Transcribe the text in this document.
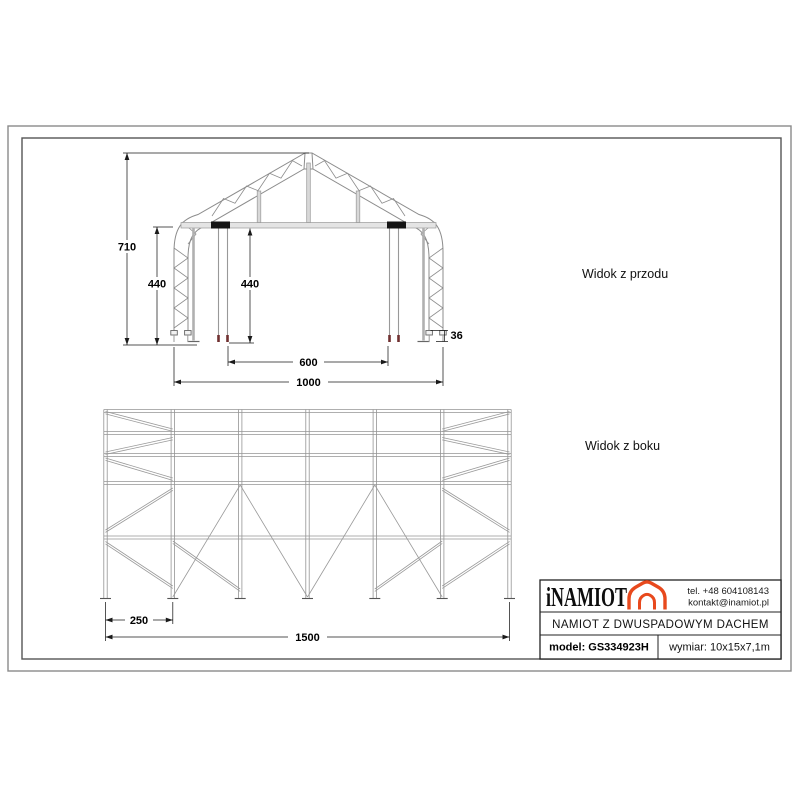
710
440	440
36
600
1000
Widok z przodu
250
1500
Widok z boku
iNAMIOT	tel. +48 604108143
kontakt@inamiot.pl
NAMIOT Z DWUSPADOWYM DACHEM
model: GS334923H wymiar: 10x15x7,1m
